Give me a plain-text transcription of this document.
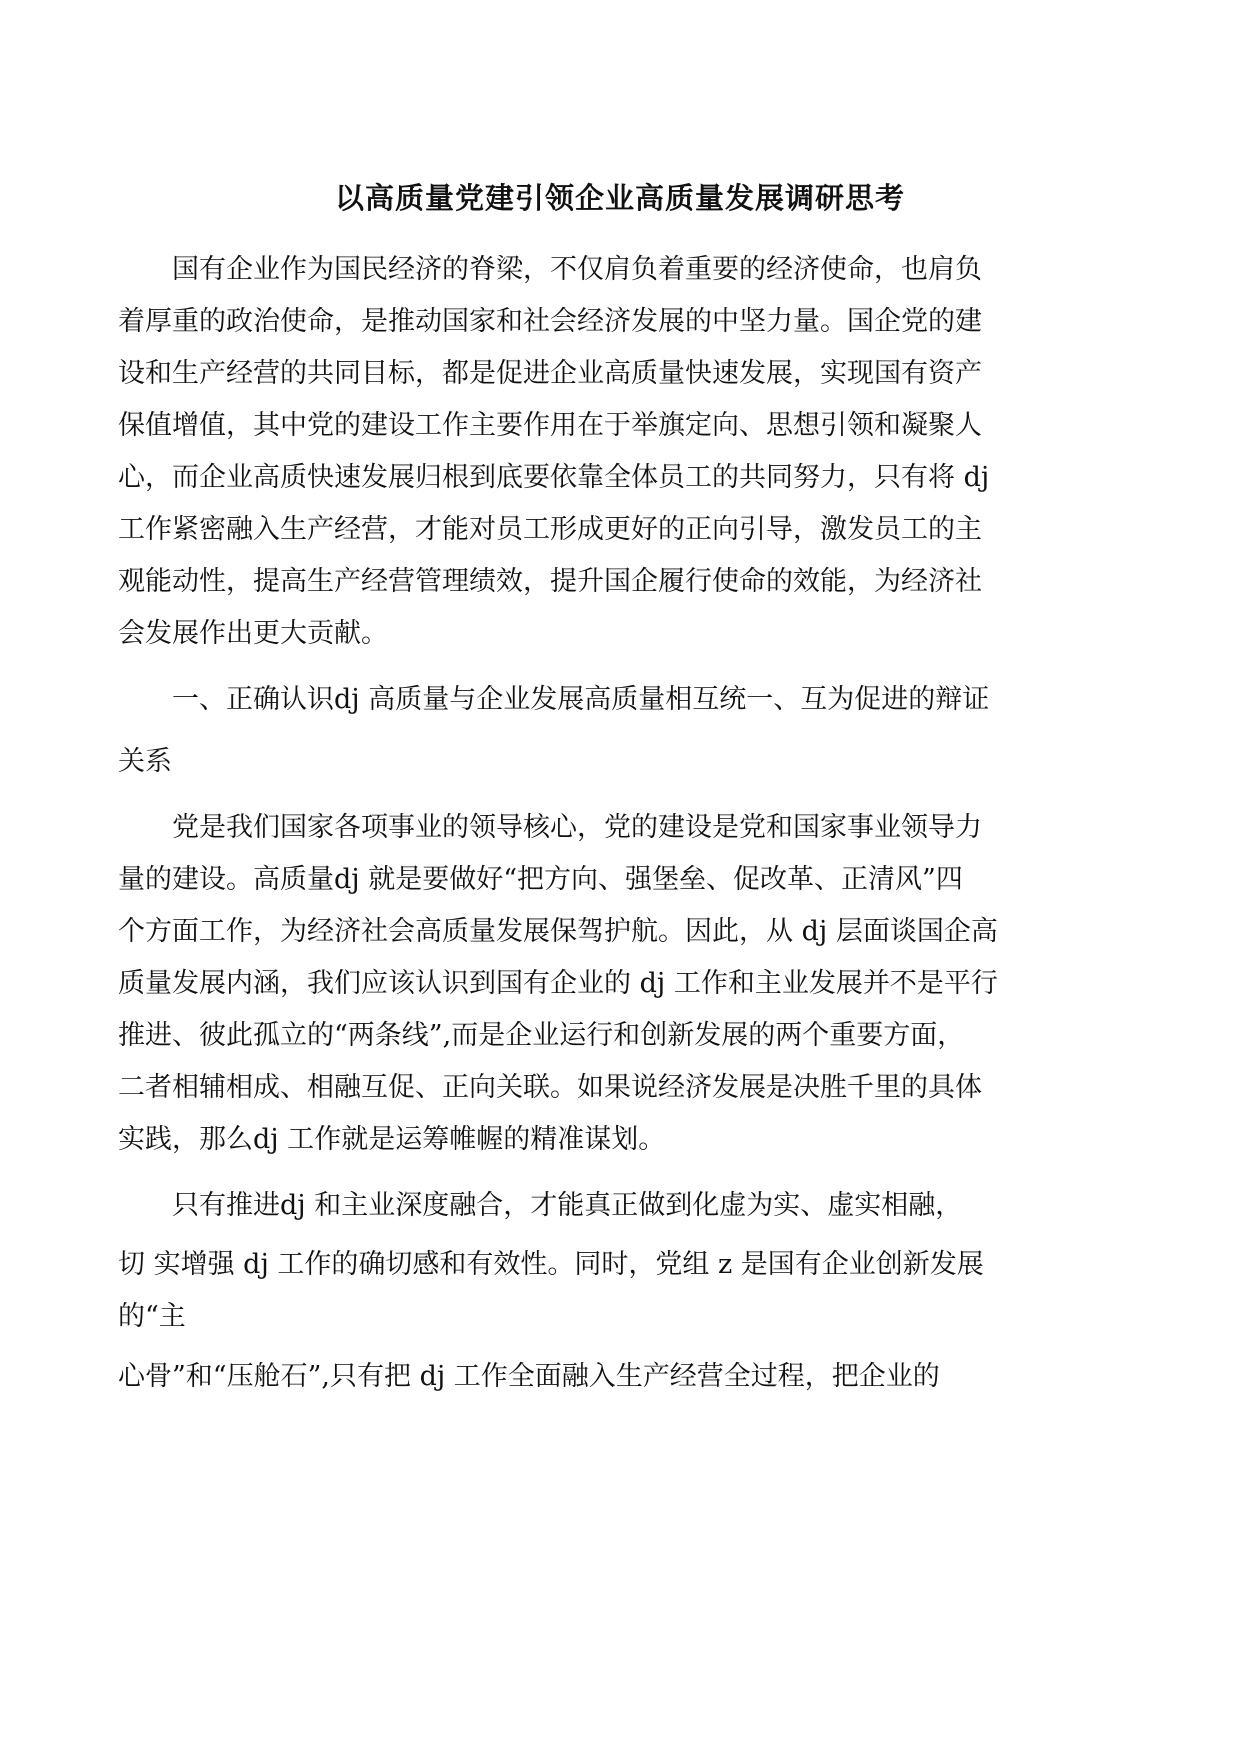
以高质量党建引领企业高质量发展调研思考
　　国有企业作为国民经济的脊梁，不仅肩负着重要的经济使命，也肩负
着厚重的政治使命，是推动国家和社会经济发展的中坚力量。国企党的建
设和生产经营的共同目标，都是促进企业高质量快速发展，实现国有资产
保值增值，其中党的建设工作主要作用在于举旗定向、思想引领和凝聚人
心，而企业高质快速发展归根到底要依靠全体员工的共同努力，只有将 dj
工作紧密融入生产经营，才能对员工形成更好的正向引导，激发员工的主
观能动性，提高生产经营管理绩效，提升国企履行使命的效能，为经济社
会发展作出更大贡献。
　　一、正确认识dj 高质量与企业发展高质量相互统一、互为促进的辩证
关系
　　党是我们国家各项事业的领导核心，党的建设是党和国家事业领导力
量的建设。高质量dj 就是要做好“把方向、强堡垒、促改革、正清风”四
个方面工作，为经济社会高质量发展保驾护航。因此，从 dj 层面谈国企高
质量发展内涵，我们应该认识到国有企业的 dj 工作和主业发展并不是平行
推进、彼此孤立的“两条线”,而是企业运行和创新发展的两个重要方面，
二者相辅相成、相融互促、正向关联。如果说经济发展是决胜千里的具体
实践，那么dj 工作就是运筹帷幄的精准谋划。
　　只有推进dj 和主业深度融合，才能真正做到化虚为实、虚实相融，
切 实增强 dj 工作的确切感和有效性。同时，党组 z 是国有企业创新发展
的“主
心骨”和“压舱石”,只有把 dj 工作全面融入生产经营全过程，把企业的
